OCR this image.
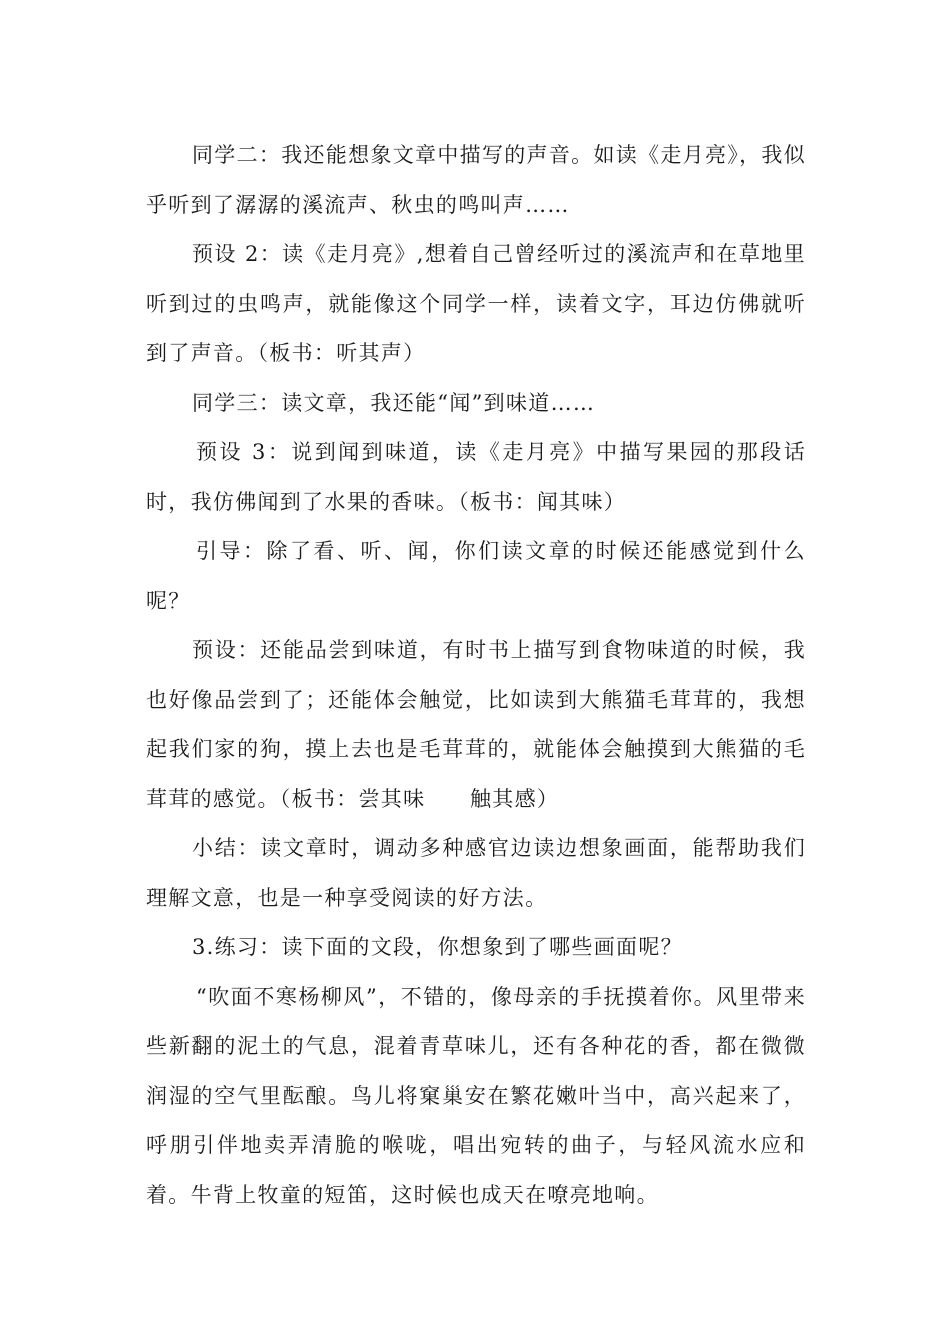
同学二：我还能想象文章中描写的声音。如读《走月亮》，我似乎听到了潺潺的溪流声、秋虫的鸣叫声……

预设 2：读《走月亮》,想着自己曾经听过的溪流声和在草地里听到过的虫鸣声，就能像这个同学一样，读着文字，耳边仿佛就听到了声音。（板书：听其声）

同学三：读文章，我还能“闻”到味道……

预设 3：说到闻到味道，读《走月亮》中描写果园的那段话时，我仿佛闻到了水果的香味。（板书：闻其味）

引导：除了看、听、闻，你们读文章的时候还能感觉到什么呢？

预设：还能品尝到味道，有时书上描写到食物味道的时候，我也好像品尝到了；还能体会触觉，比如读到大熊猫毛茸茸的，我想起我们家的狗，摸上去也是毛茸茸的，就能体会触摸到大熊猫的毛茸茸的感觉。（板书：尝其味　　触其感）

小结：读文章时，调动多种感官边读边想象画面，能帮助我们理解文意，也是一种享受阅读的好方法。

3.练习：读下面的文段，你想象到了哪些画面呢？

“吹面不寒杨柳风”，不错的，像母亲的手抚摸着你。风里带来些新翻的泥土的气息，混着青草味儿，还有各种花的香，都在微微润湿的空气里酝酿。鸟儿将窠巢安在繁花嫩叶当中，高兴起来了，呼朋引伴地卖弄清脆的喉咙，唱出宛转的曲子，与轻风流水应和着。牛背上牧童的短笛，这时候也成天在嘹亮地响。
